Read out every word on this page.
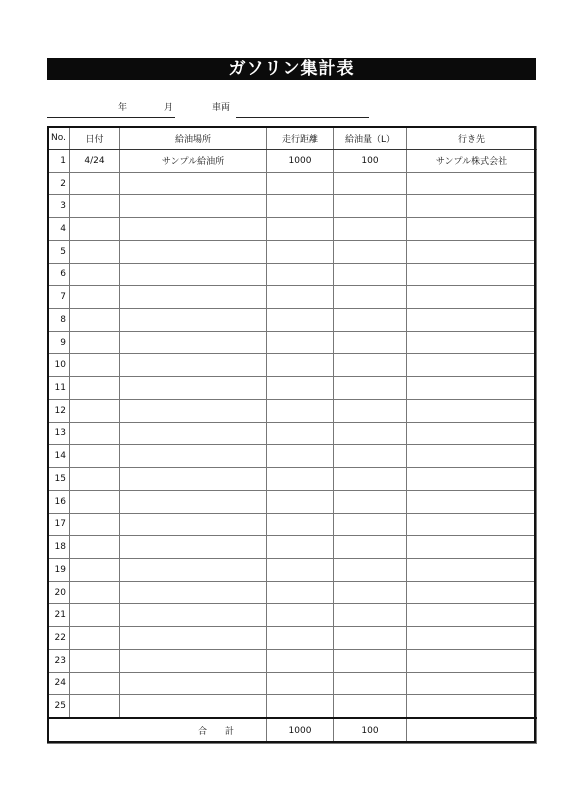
ガソリン集計表
年	月	車両
No.	日付	給油場所	走行距離	給油量（L）	行き先
1	4/24	サンプル給油所	1000	100	サンプル株式会社
2					
3					
4					
5					
6					
7					
8					
9					
10					
11					
12					
13					
14					
15					
16					
17					
18					
19					
20					
21					
22					
23					
24					
25					
合　　計			1000	100	
